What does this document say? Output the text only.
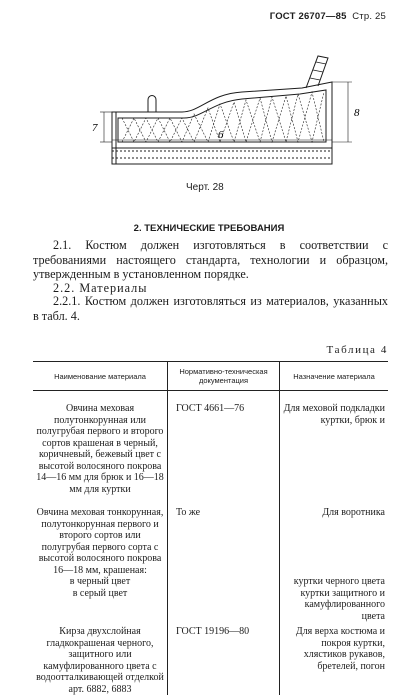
ГОСТ 26707—85 Стр. 25
7
6
8
Черт. 28
2. ТЕХНИЧЕСКИЕ ТРЕБОВАНИЯ
2.1. Костюм должен изготовляться в соответствии с требованиями настоящего стандарта, технологии и образцом, утвержденным в установленном порядке.
2.2. Материалы
2.2.1. Костюм должен изготовляться из материалов, указанных в табл. 4.
Таблица 4
Наименование материала	Нормативно-техническая документация	Назначение материала

Овчина меховая полутонкорунная или полугрубая первого и второго сортов крашеная в черный, коричневый, бежевый цвет с высотой волосяного покрова 14—16 мм для брюк и 16—18 мм для куртки	ГОСТ 4661—76	Для меховой подкладки куртки, брюк и

Овчина меховая тонкорунная, полутонкорунная первого и второго сортов или полугрубая первого сорта с высотой волосяного покрова 16—18 мм, крашеная:	То же	Для воротника
в черный цвет		куртки черного цвета
в серый цвет		куртки защитного и камуфлированного цвета

Кирза двухслойная гладкокрашеная черного, защитного или камуфлированного цвета с водоотталкивающей отделкой арт. 6882, 6883	ГОСТ 19196—80	Для верха костюма и покроя куртки, хлястиков рукавов, бретелей, погон
